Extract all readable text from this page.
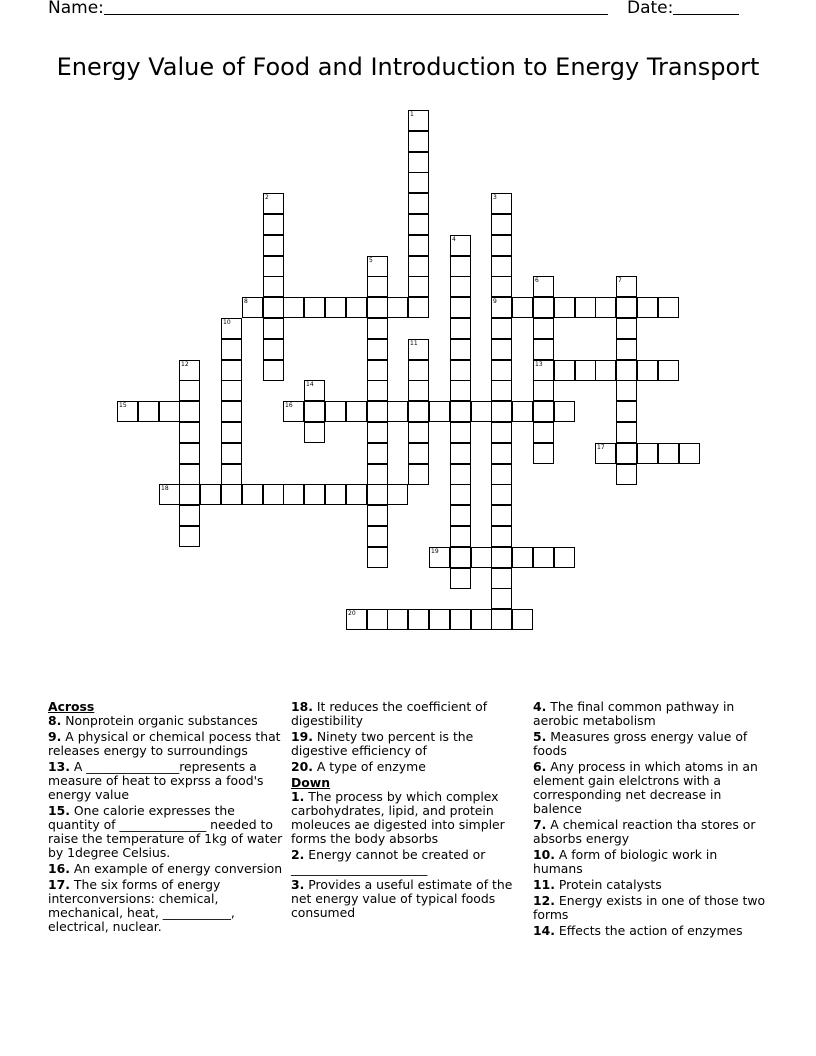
Name:	Date:
Energy Value of Food and Introduction to Energy Transport
1
2	3
9
4
5
6
13
7
8
10
11
12
14
15	16
17
18
19
20
Across
8. Nonprotein organic substances
9. A physical or chemical pocess that releases energy to surroundings
13. A _______________represents a measure of heat to exprss a food's energy value
15. One calorie expresses the quantity of ______________ needed to raise the temperature of 1kg of water by 1degree Celsius.
16. An example of energy conversion
17. The six forms of energy interconversions: chemical, mechanical, heat, ___________, electrical, nuclear.
18. It reduces the coefficient of digestibility
19. Ninety two percent is the digestive efficiency of
20. A type of enzyme
Down
1. The process by which complex carbohydrates, lipid, and protein moleuces ae digested into simpler forms the body absorbs
2. Energy cannot be created or ______________________
3. Provides a useful estimate of the net energy value of typical foods consumed
4. The final common pathway in aerobic metabolism
5. Measures gross energy value of foods
6. Any process in which atoms in an element gain elelctrons with a corresponding net decrease in balence
7. A chemical reaction tha stores or absorbs energy
10. A form of biologic work in humans
11. Protein catalysts
12. Energy exists in one of those two forms
14. Effects the action of enzymes
